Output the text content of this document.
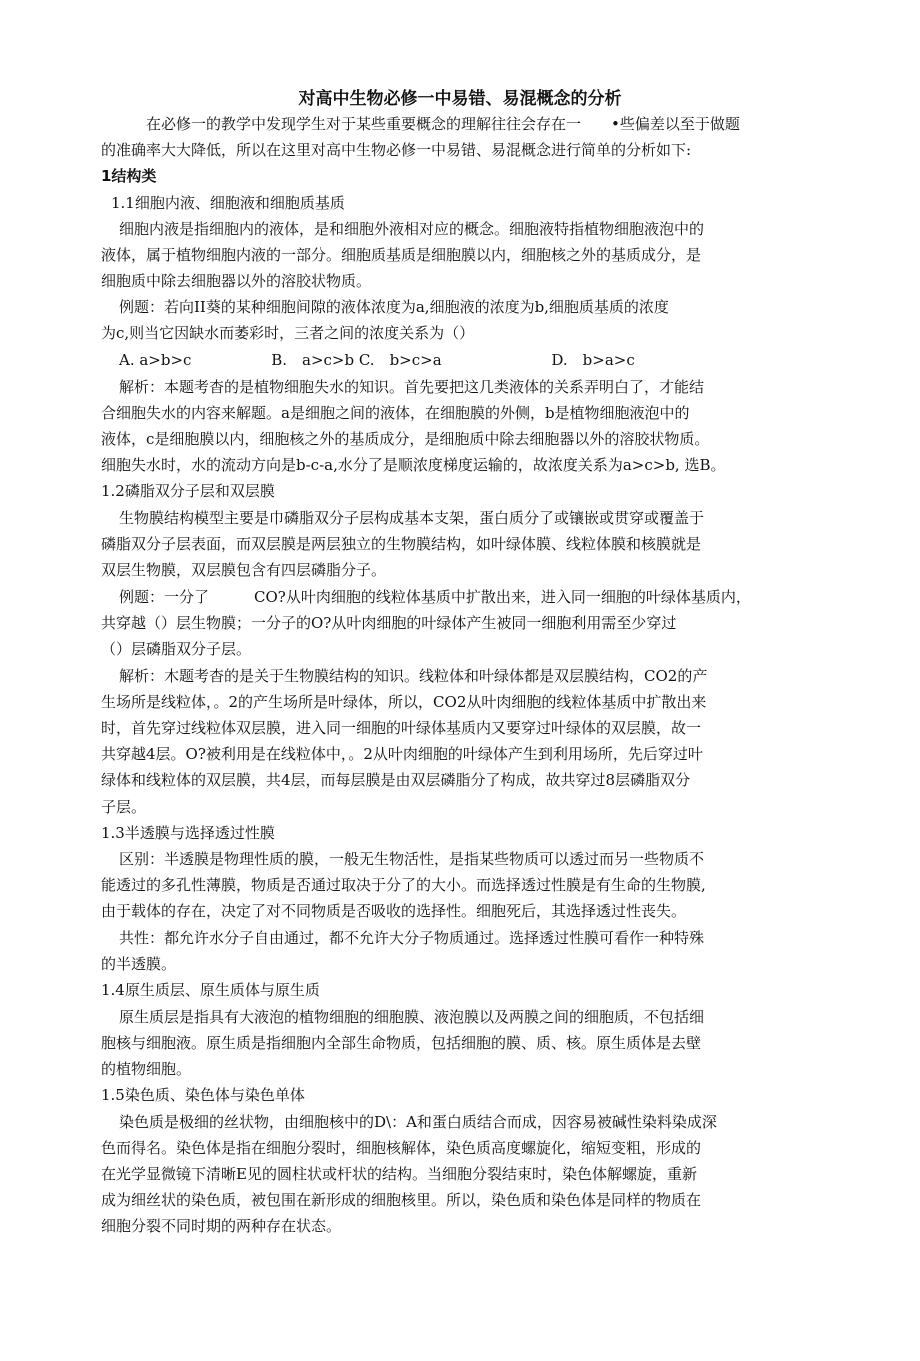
对高中生物必修一中易错、易混概念的分析
在必修一的教学中发现学生对于某些重要概念的理解往往会存在一　　•些偏差以至于做题
的准确率大大降低，所以在这里对高中生物必修一中易错、易混概念进行简单的分析如下:
1结构类
1.1细胞内液、细胞液和细胞质基质
细胞内液是指细胞内的液体，是和细胞外液相对应的概念。细胞液特指植物细胞液泡中的
液体，属于植物细胞内液的一部分。细胞质基质是细胞膜以内，细胞核之外的基质成分，是
细胞质中除去细胞器以外的溶胶状物质。
例题：若向II葵的某种细胞间隙的液体浓度为a,细胞液的浓度为b,细胞质基质的浓度
为c,则当它因缺水而萎彩时，三者之间的浓度关系为（）
A. a>b>c　　　　　 B.　a>c>b C.　b>c>a　　　　　　　 D.　b>a>c
解析：本题考杳的是植物细胞失水的知识。首先要把这几类液体的关系弄明白了，才能结
合细胞失水的内容来解题。a是细胞之间的液体，在细胞膜的外侧，b是植物细胞液泡中的
液体，c是细胞膜以内，细胞核之外的基质成分，是细胞质中除去细胞器以外的溶胶状物质。
细胞失水时，水的流动方向是b-c-a,水分了是顺浓度梯度运输的，故浓度关系为a>c>b, 选B。
1.2磷脂双分子层和双层膜
生物膜结构模型主要是巾磷脂双分子层构成基本支架，蛋白质分了或镶嵌或贯穿或覆盖于
磷脂双分子层表面，而双层膜是两层独立的生物膜结构，如叶绿体膜、线粒体膜和核膜就是
双层生物膜，双层膜包含有四层磷脂分子。
例题：一分了　　　CO?从叶肉细胞的线粒体基质中扩散出来，进入同一细胞的叶绿体基质内，
共穿越（）层生物膜；一分子的O?从叶肉细胞的叶绿体产生被同一细胞利用需至少穿过
（）层磷脂双分子层。
解析：木题考杳的是关于生物膜结构的知识。线粒体和叶绿体都是双层膜结构，CO2的产
生场所是线粒体，。2的产生场所是叶绿体，所以，CO2从叶肉细胞的线粒体基质中扩散出来
时，首先穿过线粒体双层膜，进入同一细胞的叶绿体基质内又要穿过叶绿体的双层膜，故一
共穿越4层。O?被利用是在线粒体中，。2从叶肉细胞的叶绿体产生到利用场所，先后穿过叶
绿体和线粒体的双层膜，共4层，而每层膜是由双层磷脂分了构成，故共穿过8层磷脂双分
子层。
1.3半透膜与选择透过性膜
区别：半透膜是物理性质的膜，一般无生物活性，是指某些物质可以透过而另一些物质不
能透过的多孔性薄膜，物质是否通过取决于分了的大小。而选择透过性膜是有生命的生物膜,
由于载体的存在，决定了对不同物质是否吸收的选择性。细胞死后，其选择透过性丧失。
共性：都允许水分子自由通过，都不允许大分子物质通过。选择透过性膜可看作一种特殊
的半透膜。
1.4原生质层、原生质体与原生质
原生质层是指具有大液泡的植物细胞的细胞膜、液泡膜以及两膜之间的细胞质，不包括细
胞核与细胞液。原生质是指细胞内全部生命物质，包括细胞的膜、质、核。原生质体是去壁
的植物细胞。
1.5染色质、染色体与染色单体
染色质是极细的丝状物，由细胞核中的D\：A和蛋白质结合而成，因容易被碱性染料染成深
色而得名。染色体是指在细胞分裂时，细胞核解体，染色质高度螺旋化，缩短变粗，形成的
在光学显微镜下清晰E见的圆柱状或杆状的结构。当细胞分裂结束时，染色体解螺旋，重新
成为细丝状的染色质，被包围在新形成的细胞核里。所以，染色质和染色体是同样的物质在
细胞分裂不同时期的两种存在状态。
